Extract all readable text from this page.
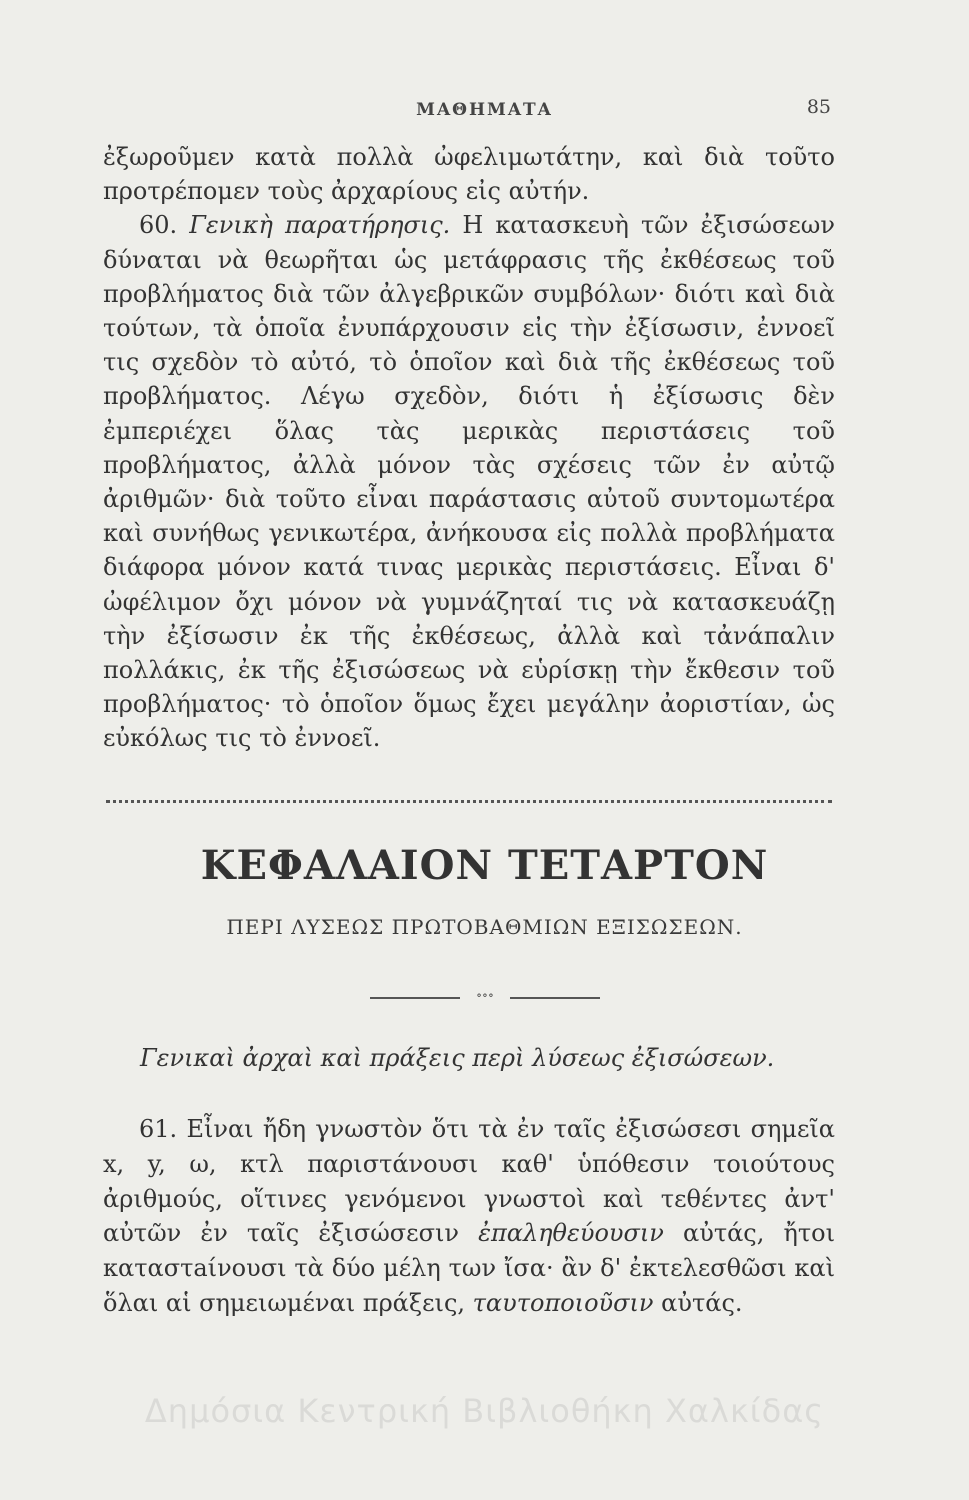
ΜΑΘΗΜΑΤΑ	85

ἐξωροῦμεν κατὰ πολλὰ ὠφελιμωτάτην, καὶ διὰ τοῦτο προτρέπομεν τοὺς ἀρχαρίους εἰς αὐτήν.

60. Γενικὴ παρατήρησις. Η κατασκευὴ τῶν ἐξισώσεων δύναται νὰ θεωρῆται ὡς μετάφρασις τῆς ἐκθέσεως τοῦ προβλήματος διὰ τῶν ἀλγεβρικῶν συμβόλων· διότι καὶ διὰ τούτων, τὰ ὁποῖα ἐνυπάρχουσιν εἰς τὴν ἐξίσωσιν, ἐννοεῖ τις σχεδὸν τὸ αὐτό, τὸ ὁποῖον καὶ διὰ τῆς ἐκθέσεως τοῦ προβλήματος. Λέγω σχεδὸν, διότι ἡ ἐξίσωσις δὲν ἐμπεριέχει ὅλας τὰς μερικὰς περιστάσεις τοῦ προβλήματος, ἀλλὰ μόνον τὰς σχέσεις τῶν ἐν αὐτῷ ἀριθμῶν· διὰ τοῦτο εἶναι παράστασις αὐτοῦ συντομωτέρα καὶ συνήθως γενικωτέρα, ἀνήκουσα εἰς πολλὰ προβλήματα διάφορα μόνον κατά τινας μερικὰς περιστάσεις. Εἶναι δ' ὠφέλιμον ὄχι μόνον νὰ γυμνάζηταί τις νὰ κατασκευάζῃ τὴν ἐξίσωσιν ἐκ τῆς ἐκθέσεως, ἀλλὰ καὶ τἀνάπαλιν πολλάκις, ἐκ τῆς ἐξισώσεως νὰ εὑρίσκῃ τὴν ἔκθεσιν τοῦ προβλήματος· τὸ ὁποῖον ὅμως ἔχει μεγάλην ἀοριστίαν, ὡς εὐκόλως τις τὸ ἐννοεῖ.

ΚΕΦΑΛΑΙΟΝ ΤΕΤΑΡΤΟΝ
ΠΕΡΙ ΛΥΣΕΩΣ ΠΡΩΤΟΒΑΘΜΙΩΝ ΕΞΙΣΩΣΕΩΝ.
∘∘∘
Γενικαὶ ἀρχαὶ καὶ πράξεις περὶ λύσεως ἐξισώσεων.

61. Εἶναι ἤδη γνωστὸν ὅτι τὰ ἐν ταῖς ἐξισώσεσι σημεῖα x, y, ω, κτλ παριστάνουσι καθ' ὑπόθεσιν τοιούτους ἀριθμούς, οἵτινες γενόμενοι γνωστοὶ καὶ τεθέντες ἀντ' αὐτῶν ἐν ταῖς ἐξισώσεσιν ἐπαληθεύουσιν αὐτάς, ἤτοι καταστaίνουσι τὰ δύο μέλη των ἴσα· ἂν δ' ἐκτελεσθῶσι καὶ ὅλαι αἱ σημειωμέναι πράξεις, ταυτοποιοῦσιν αὐτάς.

Δημόσια Κεντρική Βιβλιοθήκη Χαλκίδας
